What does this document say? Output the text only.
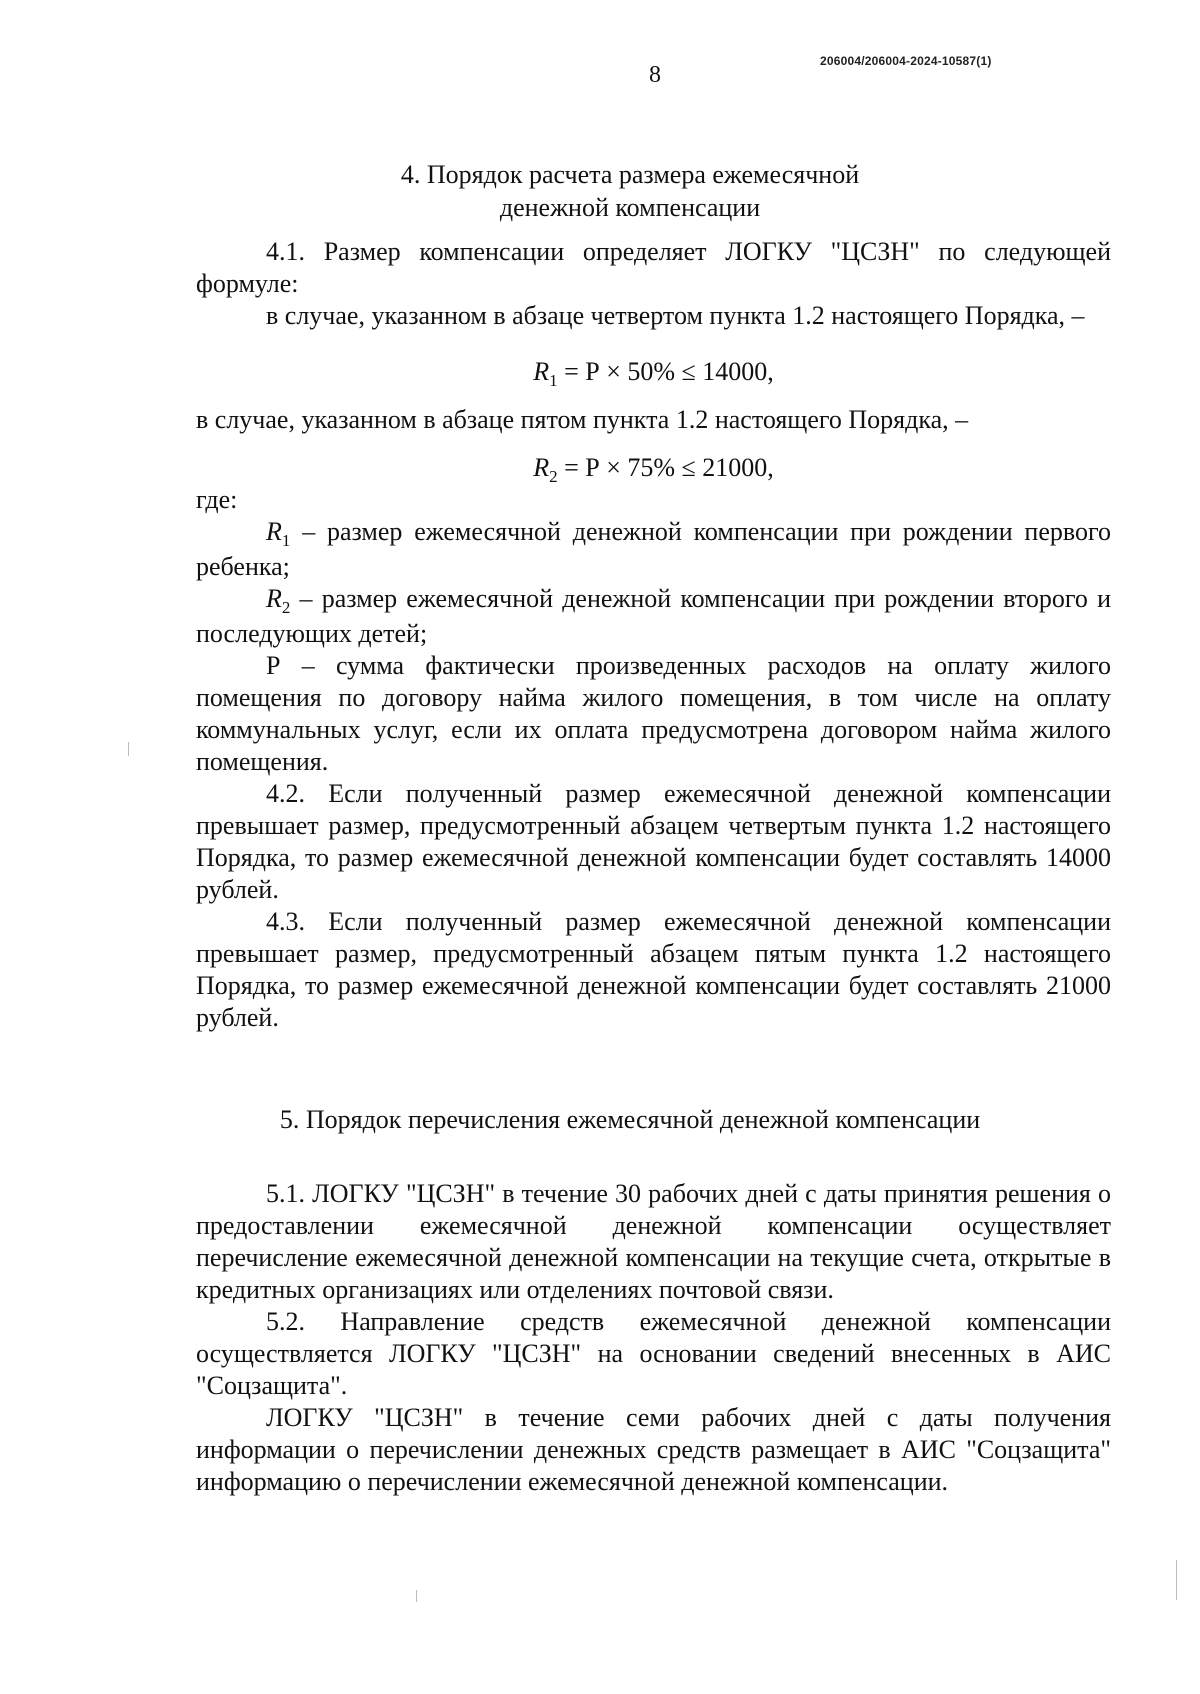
8
206004/206004-2024-10587(1)
4. Порядок расчета размера ежемесячной
денежной компенсации

4.1. Размер компенсации определяет ЛОГКУ "ЦСЗН" по следующей формуле:

в случае, указанном в абзаце четвертом пункта 1.2 настоящего Порядка, –

$R_1 = Р \times 50\% \le 14000$,

в случае, указанном в абзаце пятом пункта 1.2 настоящего Порядка, –

$R_2 = Р \times 75\% \le 21000$,

где:

$R_1$ – размер ежемесячной денежной компенсации при рождении первого ребенка;

$R_2$ – размер ежемесячной денежной компенсации при рождении второго и последующих детей;

Р – сумма фактически произведенных расходов на оплату жилого помещения по договору найма жилого помещения, в том числе на оплату коммунальных услуг, если их оплата предусмотрена договором найма жилого помещения.

4.2. Если полученный размер ежемесячной денежной компенсации превышает размер, предусмотренный абзацем четвертым пункта 1.2 настоящего Порядка, то размер ежемесячной денежной компенсации будет составлять 14000 рублей.

4.3. Если полученный размер ежемесячной денежной компенсации превышает размер, предусмотренный абзацем пятым пункта 1.2 настоящего Порядка, то размер ежемесячной денежной компенсации будет составлять 21000 рублей.

5. Порядок перечисления ежемесячной денежной компенсации

5.1. ЛОГКУ "ЦСЗН" в течение 30 рабочих дней с даты принятия решения о предоставлении ежемесячной денежной компенсации осуществляет перечисление ежемесячной денежной компенсации на текущие счета, открытые в кредитных организациях или отделениях почтовой связи.

5.2. Направление средств ежемесячной денежной компенсации осуществляется ЛОГКУ "ЦСЗН" на основании сведений внесенных в АИС "Соцзащита".

ЛОГКУ "ЦСЗН" в течение семи рабочих дней с даты получения информации о перечислении денежных средств размещает в АИС "Соцзащита" информацию о перечислении ежемесячной денежной компенсации.
